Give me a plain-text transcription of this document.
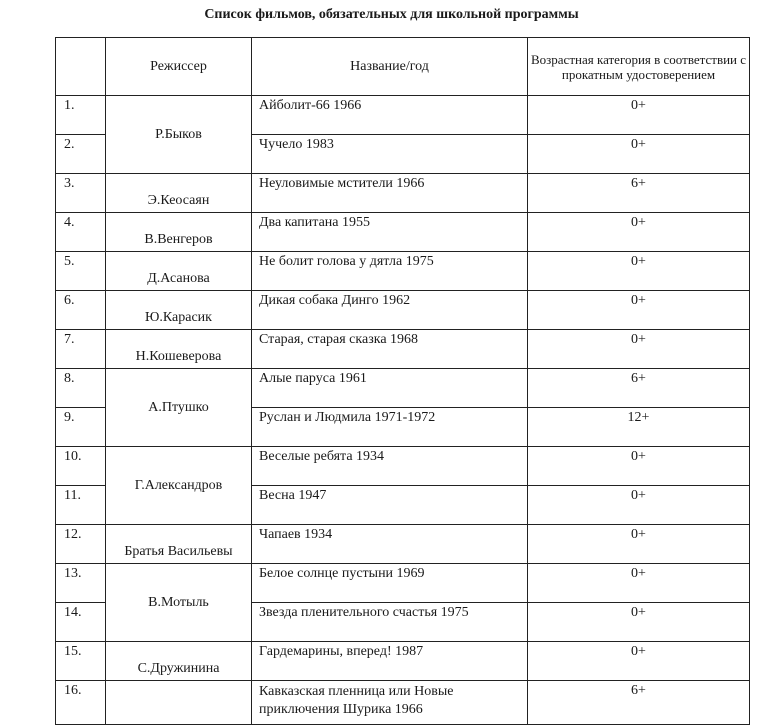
Список фильмов, обязательных для школьной программы
	Режиссер	Название/год	Возрастная категория в соответствии с прокатным удостоверением
1.	Р.Быков	Айболит-66 1966	0+
2.		Чучело 1983	0+
3.	Э.Кеосаян	Неуловимые мстители 1966	6+
4.	В.Венгеров	Два капитана 1955	0+
5.	Д.Асанова	Не болит голова у дятла 1975	0+
6.	Ю.Карасик	Дикая собака Динго 1962	0+
7.	Н.Кошеверова	Старая, старая сказка 1968	0+
8.	А.Птушко	Алые паруса 1961	6+
9.		Руслан и Людмила 1971-1972	12+
10.	Г.Александров	Веселые ребята 1934	0+
11.		Весна 1947	0+
12.	Братья Васильевы	Чапаев 1934	0+
13.	В.Мотыль	Белое солнце пустыни 1969	0+
14.		Звезда пленительного счастья 1975	0+
15.	С.Дружинина	Гардемарины, вперед! 1987	0+
16.		Кавказская пленница или Новые приключения Шурика 1966	6+
